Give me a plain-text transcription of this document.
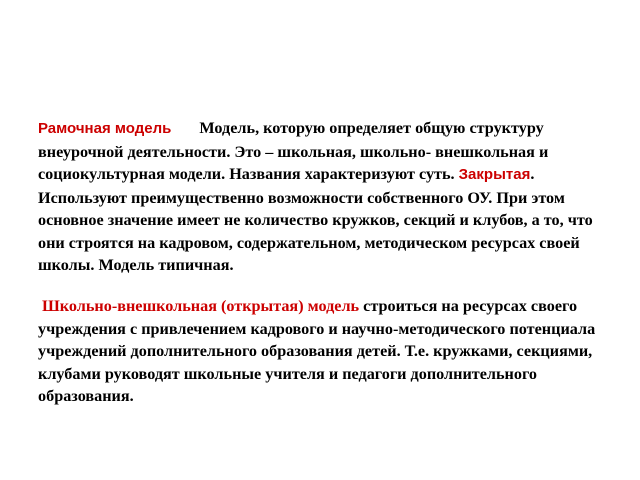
Рамочная модель Модель, которую определяет общую структуру внеурочной деятельности. Это – школьная, школьно- внешкольная и социокультурная модели. Названия характеризуют суть. Закрытая. Используют преимущественно возможности собственного ОУ. При этом основное значение имеет не количество кружков, секций и клубов, а то, что они строятся на кадровом, содержательном, методическом ресурсах своей школы. Модель типичная.

Школьно-внешкольная (открытая) модель строиться на ресурсах своего учреждения с привлечением кадрового и научно-методического потенциала учреждений дополнительного образования детей. Т.е. кружками, секциями, клубами руководят школьные учителя и педагоги дополнительного образования.
